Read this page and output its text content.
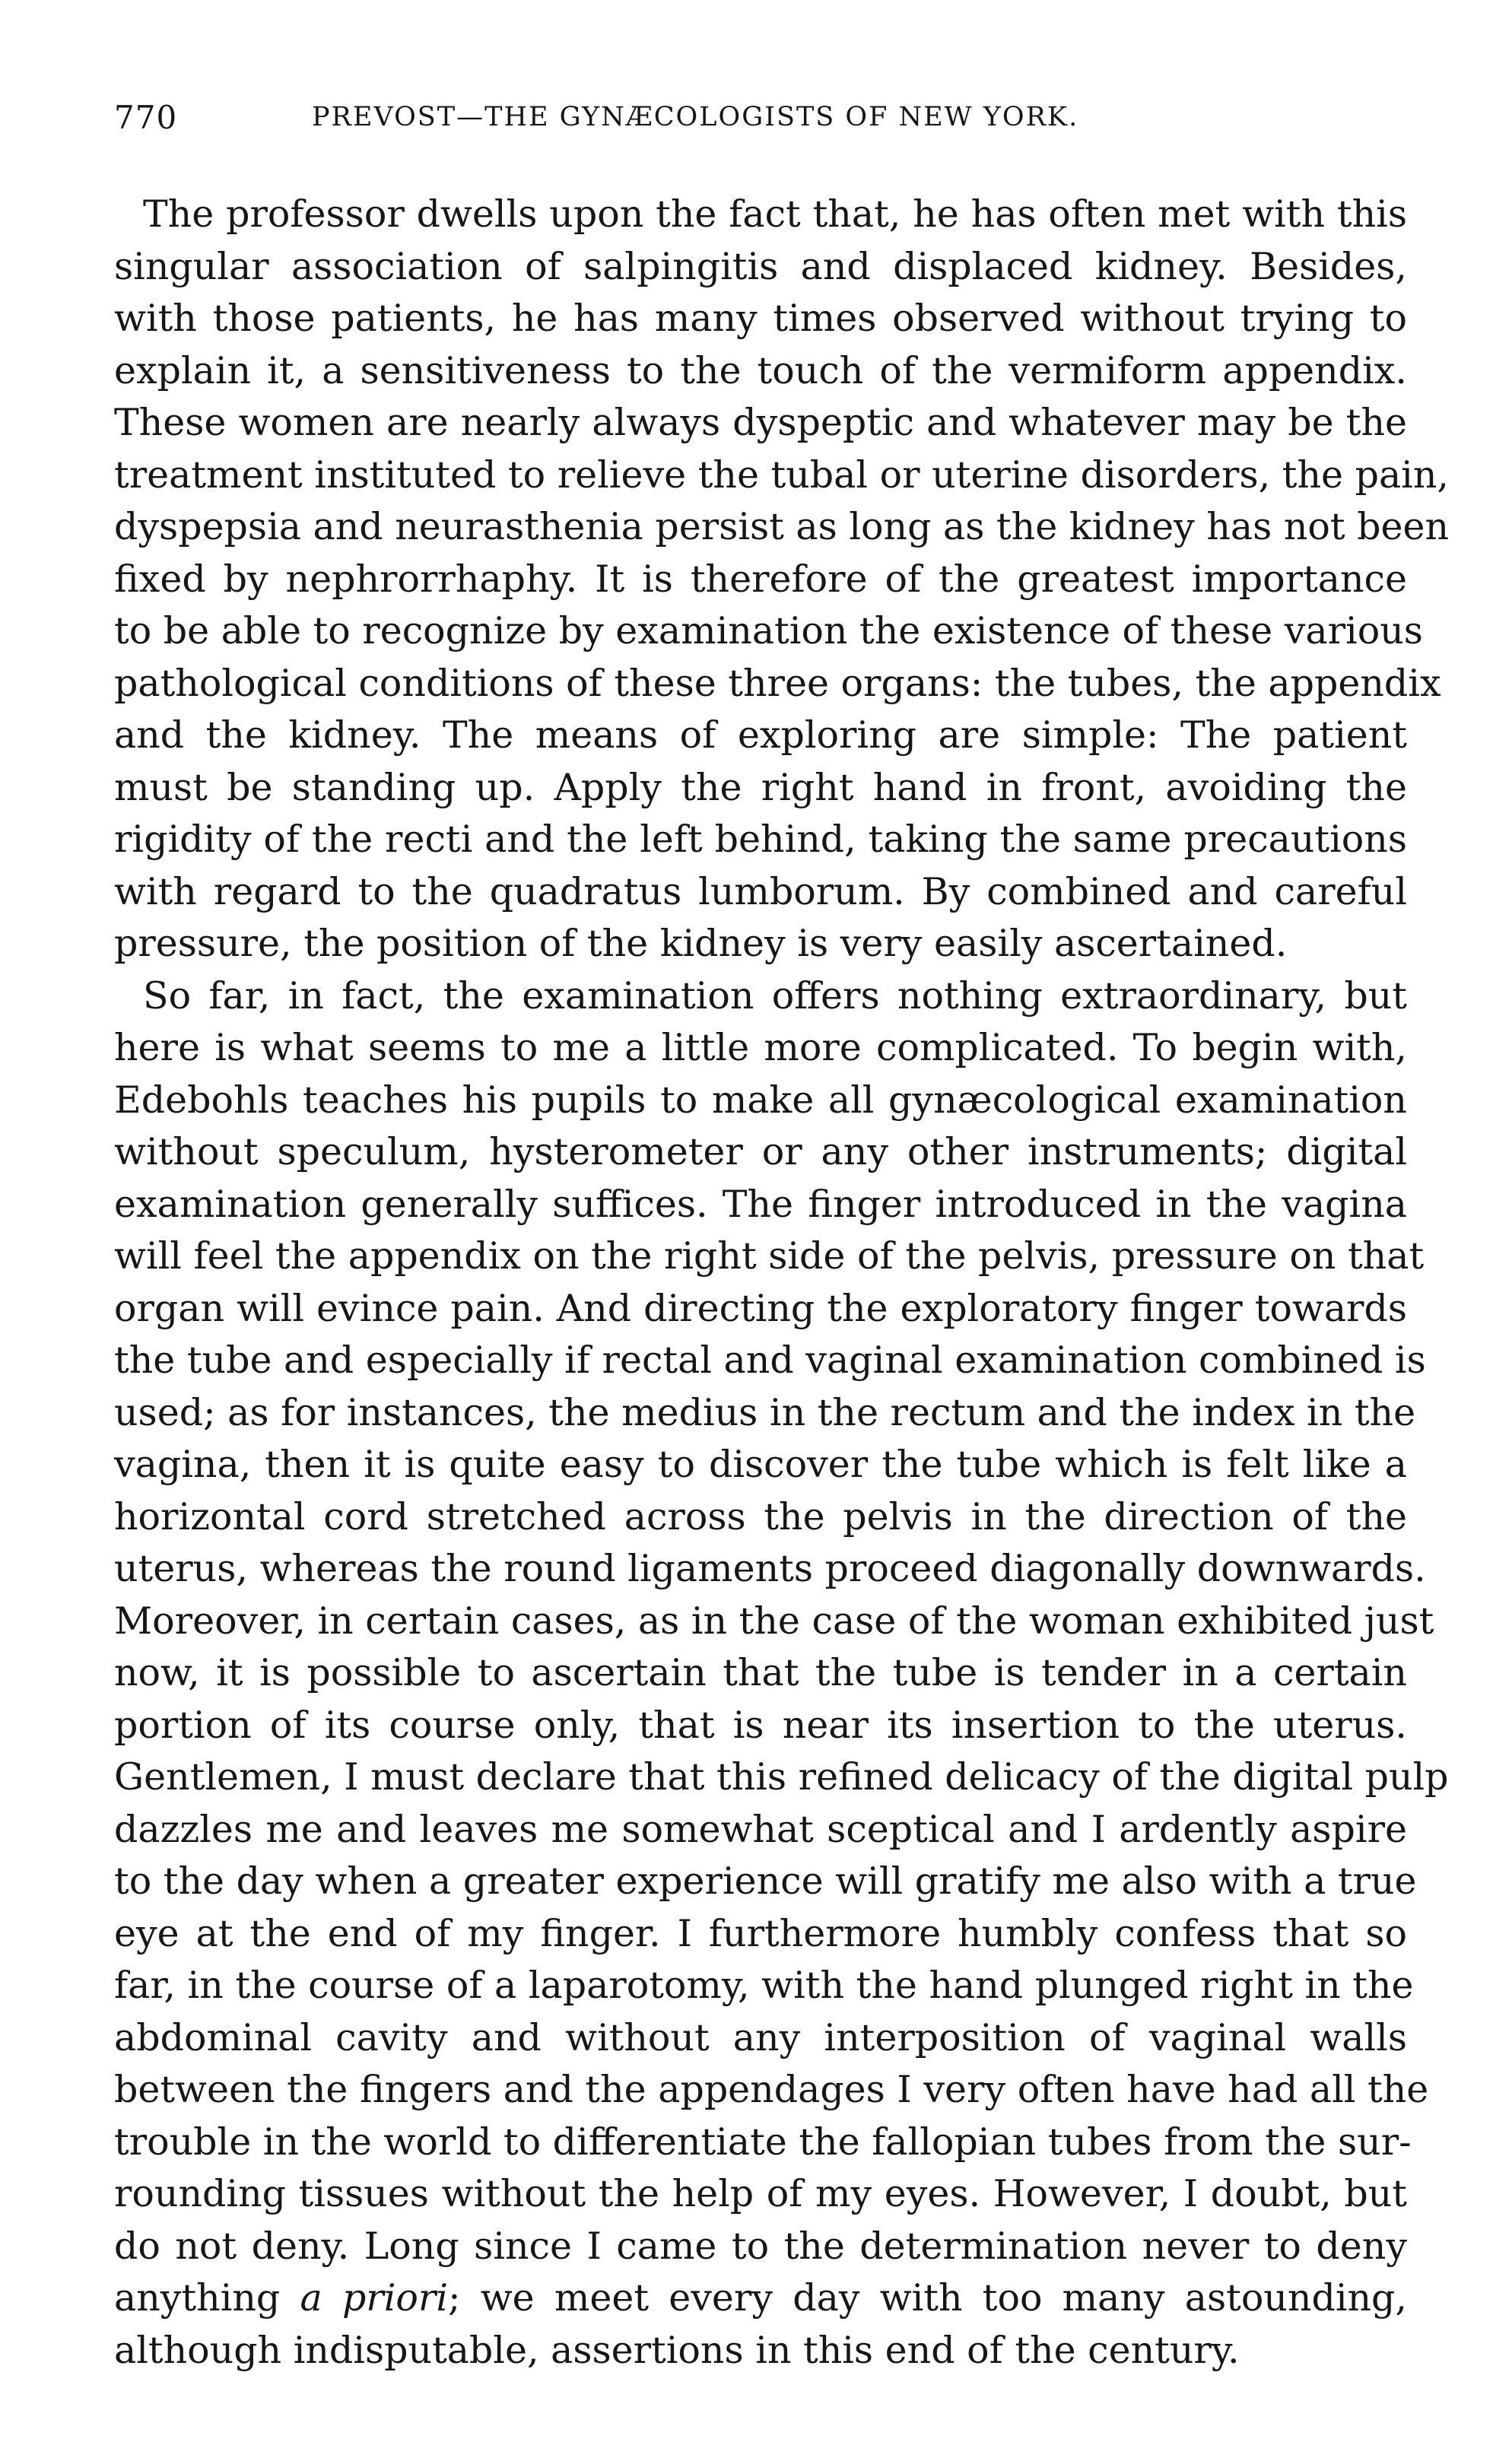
770	PREVOST—THE GYNÆCOLOGISTS OF NEW YORK.

The professor dwells upon the fact that, he has often met with this
singular association of salpingitis and displaced kidney. Besides,
with those patients, he has many times observed without trying to
explain it, a sensitiveness to the touch of the vermiform appendix.
These women are nearly always dyspeptic and whatever may be the
treatment instituted to relieve the tubal or uterine disorders, the pain,
dyspepsia and neurasthenia persist as long as the kidney has not been
fixed by nephrorrhaphy. It is therefore of the greatest importance
to be able to recognize by examination the existence of these various
pathological conditions of these three organs: the tubes, the appendix
and the kidney. The means of exploring are simple: The patient
must be standing up. Apply the right hand in front, avoiding the
rigidity of the recti and the left behind, taking the same precautions
with regard to the quadratus lumborum. By combined and careful
pressure, the position of the kidney is very easily ascertained.

So far, in fact, the examination offers nothing extraordinary, but
here is what seems to me a little more complicated. To begin with,
Edebohls teaches his pupils to make all gynæcological examination
without speculum, hysterometer or any other instruments; digital
examination generally suffices. The finger introduced in the vagina
will feel the appendix on the right side of the pelvis, pressure on that
organ will evince pain. And directing the exploratory finger towards
the tube and especially if rectal and vaginal examination combined is
used; as for instances, the medius in the rectum and the index in the
vagina, then it is quite easy to discover the tube which is felt like a
horizontal cord stretched across the pelvis in the direction of the
uterus, whereas the round ligaments proceed diagonally downwards.
Moreover, in certain cases, as in the case of the woman exhibited just
now, it is possible to ascertain that the tube is tender in a certain
portion of its course only, that is near its insertion to the uterus.
Gentlemen, I must declare that this refined delicacy of the digital pulp
dazzles me and leaves me somewhat sceptical and I ardently aspire
to the day when a greater experience will gratify me also with a true
eye at the end of my finger. I furthermore humbly confess that so
far, in the course of a laparotomy, with the hand plunged right in the
abdominal cavity and without any interposition of vaginal walls
between the fingers and the appendages I very often have had all the
trouble in the world to differentiate the fallopian tubes from the sur-
rounding tissues without the help of my eyes. However, I doubt, but
do not deny. Long since I came to the determination never to deny
anything a priori; we meet every day with too many astounding,
although indisputable, assertions in this end of the century.
